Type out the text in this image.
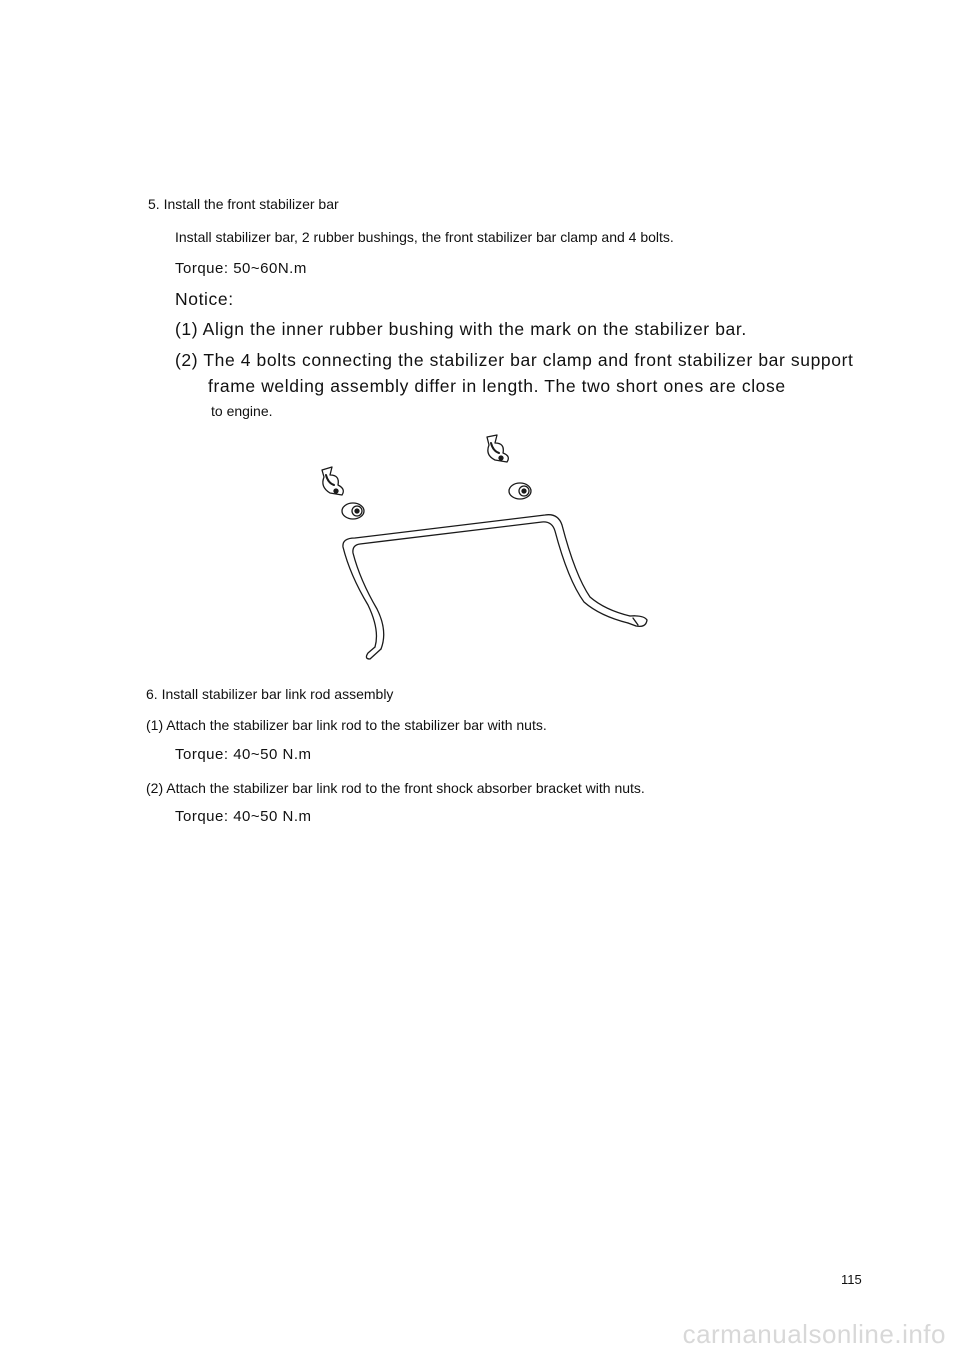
5. Install the front stabilizer bar

Install stabilizer bar, 2 rubber bushings, the front stabilizer bar clamp and 4 bolts.

Torque: 50~60N.m

Notice:

(1) Align the inner rubber bushing with the mark on the stabilizer bar.

(2) The 4 bolts connecting the stabilizer bar clamp and front stabilizer bar support

frame welding assembly differ in length. The two short ones are close

to engine.

6. Install stabilizer bar link rod assembly

(1) Attach the stabilizer bar link rod to the stabilizer bar with nuts.

Torque: 40~50 N.m

(2) Attach the stabilizer bar link rod to the front shock absorber bracket with nuts.

Torque: 40~50 N.m

115

carmanualsonline.info
